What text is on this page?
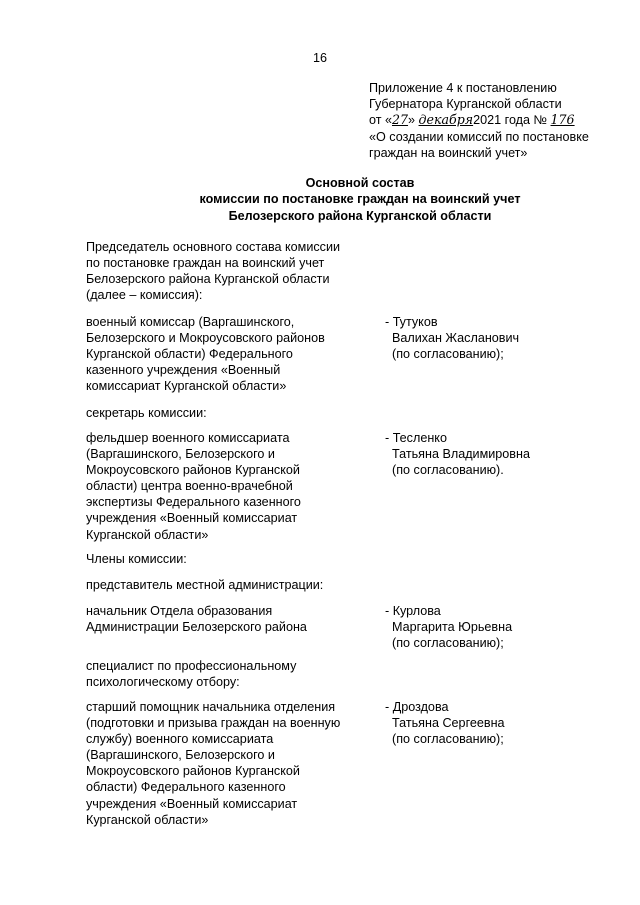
16
Приложение 4 к постановлению
Губернатора Курганской области
от «27» декабря2021 года № 176
«О создании комиссий по постановке
граждан на воинский учет»
Основной состав
комиссии по постановке граждан на воинский учет
Белозерского района Курганской области
Председатель основного состава комиссии
по постановке граждан на воинский учет
Белозерского района Курганской области
(далее – комиссия):
военный комиссар (Варгашинского,
Белозерского и Мокроусовского районов
Курганской области) Федерального
казенного учреждения «Военный
комиссариат Курганской области»
- Тутуков
Валихан Жасланович
(по согласованию);
секретарь комиссии:
фельдшер военного комиссариата
(Варгашинского, Белозерского и
Мокроусовского районов Курганской
области) центра военно-врачебной
экспертизы Федерального казенного
учреждения «Военный комиссариат
Курганской области»
- Тесленко
Татьяна Владимировна
(по согласованию).
Члены комиссии:
представитель местной администрации:
начальник Отдела образования
Администрации Белозерского района
- Курлова
Маргарита Юрьевна
(по согласованию);
специалист по профессиональному
психологическому отбору:
старший помощник начальника отделения
(подготовки и призыва граждан на военную
службу) военного комиссариата
(Варгашинского, Белозерского и
Мокроусовского районов Курганской
области) Федерального казенного
учреждения «Военный комиссариат
Курганской области»
- Дроздова
Татьяна Сергеевна
(по согласованию);
